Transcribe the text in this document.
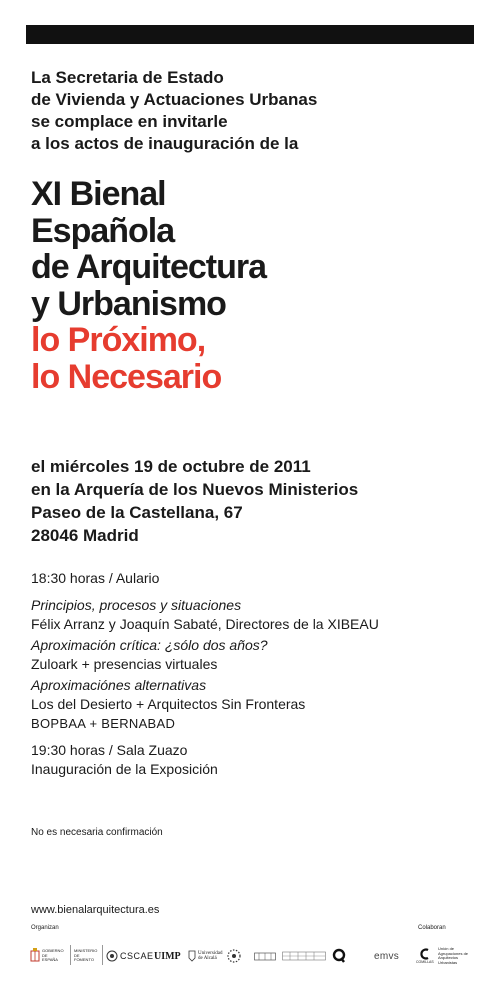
La Secretaria de Estado
de Vivienda y Actuaciones Urbanas
se complace en invitarle
a los actos de inauguración de la
XI Bienal
Española
de Arquitectura
y Urbanismo
lo Próximo,
lo Necesario
el miércoles 19 de octubre de 2011
en la Arquería de los Nuevos Ministerios
Paseo de la Castellana, 67
28046 Madrid
18:30 horas / Aulario
Principios, procesos y situaciones
Félix Arranz y Joaquín Sabaté, Directores de la XIBEAU
Aproximación crítica: ¿sólo dos años?
Zuloark + presencias virtuales
Aproximaciónes alternativas
Los del Desierto + Arquitectos Sin Fronteras
BOPBAA + BERNABAD
19:30 horas / Sala Zuazo
Inauguración de la Exposición
No es necesaria confirmación
www.bienalarquitectura.es
Organizan	Colaboran
GOBIERNO DE ESPAÑA
MINISTERIO DE FOMENTO	CSCAE UIMP	Universidad de Alcalá	emvs
COMILLAS
Unión de Agrupaciones de Arquitectos Urbanistas
